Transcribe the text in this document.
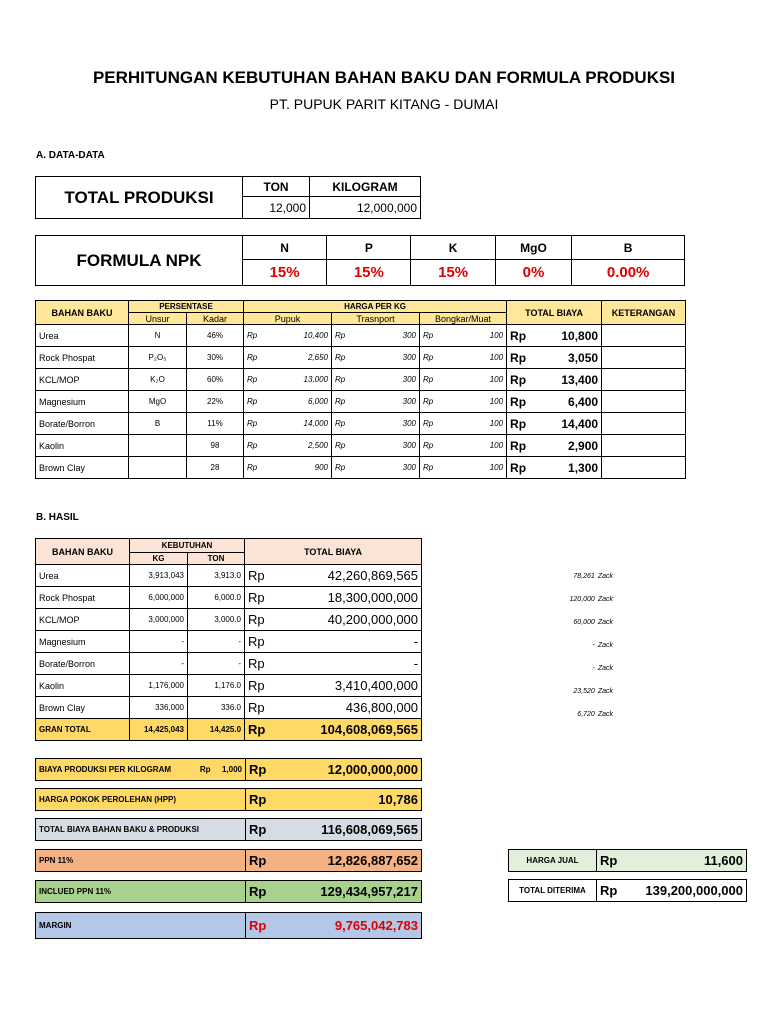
PERHITUNGAN KEBUTUHAN BAHAN BAKU DAN FORMULA PRODUKSI
PT. PUPUK PARIT KITANG - DUMAI
A. DATA-DATA
TOTAL PRODUKSI	TON	KILOGRAM
	12,000	12,000,000
FORMULA NPK	N	P	K	MgO	B
	15%	15%	15%	0%	0.00%
BAHAN BAKU	PERSENTASE		HARGA PER KG						TOTAL BIAYA		KETERANGAN
	Unsur	Kadar	Pupuk		Trasnport		Bongkar/Muat				
Urea	N	46%	Rp	10,400	Rp	300	Rp	100	Rp	10,800	
Rock Phospat	P₂O₅	30%	Rp	2,650	Rp	300	Rp	100	Rp	3,050	
KCL/MOP	K₂O	60%	Rp	13,000	Rp	300	Rp	100	Rp	13,400	
Magnesium	MgO	22%	Rp	6,000	Rp	300	Rp	100	Rp	6,400	
Borate/Borron	B	11%	Rp	14,000	Rp	300	Rp	100	Rp	14,400	
Kaolin		98	Rp	2,500	Rp	300	Rp	100	Rp	2,900	
Brown Clay		28	Rp	900	Rp	300	Rp	100	Rp	1,300	
B. HASIL
BAHAN BAKU	KEBUTUHAN		TOTAL BIAYA	
	KG	TON		
Urea	3,913,043	3,913.0	Rp	42,260,869,565
Rock Phospat	6,000,000	6,000.0	Rp	18,300,000,000
KCL/MOP	3,000,000	3,000.0	Rp	40,200,000,000
Magnesium	-	-	Rp	-
Borate/Borron	-	-	Rp	-
Kaolin	1,176,000	1,176.0	Rp	3,410,400,000
Brown Clay	336,000	336.0	Rp	436,800,000
GRAN TOTAL	14,425,043	14,425.0	Rp	104,608,069,565
78,261 Zack
120,000 Zack
60,000 Zack
- Zack
- Zack
23,520 Zack
6,720 Zack
BIAYA PRODUKSI PER KILOGRAM	Rp	1,000	Rp	12,000,000,000
HARGA POKOK PEROLEHAN (HPP)	Rp	10,786
TOTAL BIAYA BAHAN BAKU & PRODUKSI	Rp	116,608,069,565
PPN 11%	Rp	12,826,887,652
INCLUED PPN 11%	Rp	129,434,957,217
MARGIN	Rp	9,765,042,783
HARGA JUAL	Rp	11,600
TOTAL DITERIMA	Rp	139,200,000,000
